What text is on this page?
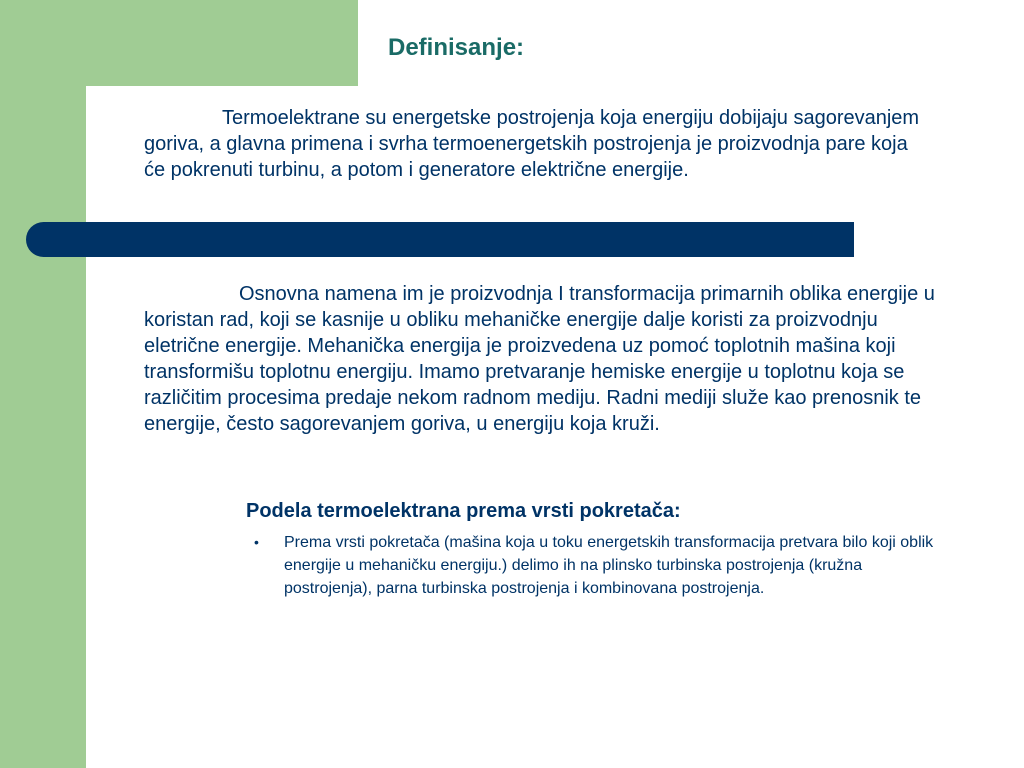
Definisanje:

Termoelektrane su energetske postrojenja koja energiju dobijaju sagorevanjem goriva, a glavna primena i svrha termoenergetskih postrojenja je proizvodnja pare koja će pokrenuti turbinu, a potom i generatore električne energije.

Osnovna namena im je proizvodnja I transformacija primarnih oblika energije u koristan rad, koji se kasnije u obliku mehaničke energije dalje koristi za proizvodnju eletrične energije. Mehanička energija je proizvedena uz pomoć toplotnih mašina koji transformišu toplotnu energiju. Imamo pretvaranje hemiske energije u toplotnu koja se različitim procesima predaje nekom radnom mediju. Radni mediji služe kao prenosnik te energije, često sagorevanjem goriva, u energiju koja kruži.

Podela termoelektrana prema vrsti pokretača:
• Prema vrsti pokretača (mašina koja u toku energetskih transformacija pretvara bilo koji oblik energije u mehaničku energiju.) delimo ih na plinsko turbinska postrojenja (kružna postrojenja), parna turbinska postrojenja i kombinovana postrojenja.
